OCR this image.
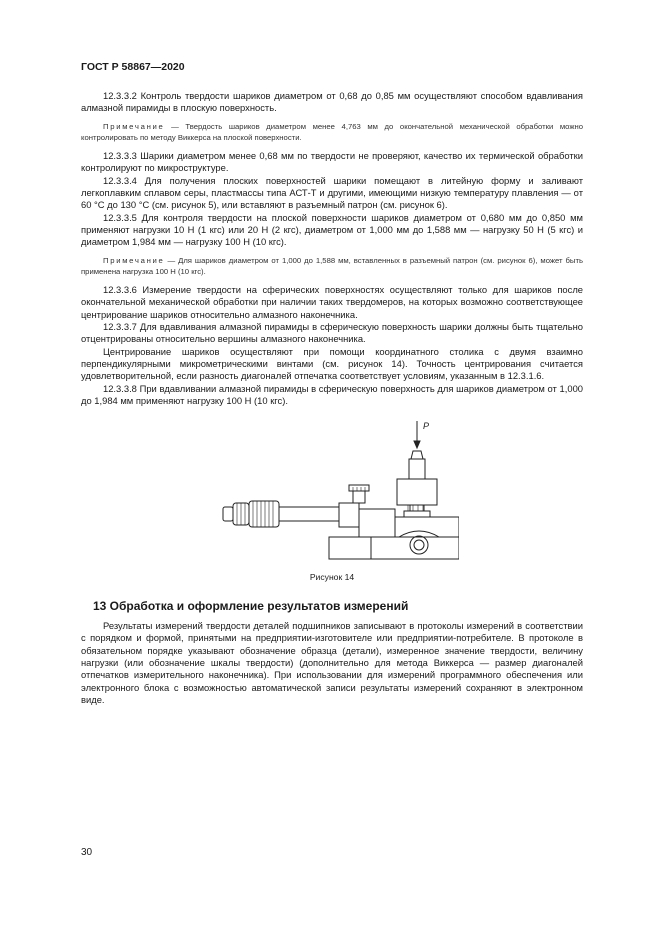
ГОСТ Р 58867—2020

12.3.3.2 Контроль твердости шариков диаметром от 0,68 до 0,85 мм осуществляют способом вдавливания алмазной пирамиды в плоскую поверхность.

Примечание — Твердость шариков диаметром менее 4,763 мм до окончательной механической обработки можно контролировать по методу Виккерса на плоской поверхности.

12.3.3.3 Шарики диаметром менее 0,68 мм по твердости не проверяют, качество их термической обработки контролируют по микроструктуре.

12.3.3.4 Для получения плоских поверхностей шарики помещают в литейную форму и заливают легкоплавким сплавом серы, пластмассы типа АСТ-Т и другими, имеющими низкую температуру плавления — от 60 °С до 130 °С (см. рисунок 5), или вставляют в разъемный патрон (см. рисунок 6).

12.3.3.5 Для контроля твердости на плоской поверхности шариков диаметром от 0,680 мм до 0,850 мм применяют нагрузки 10 Н (1 кгс) или 20 Н (2 кгс), диаметром от 1,000 мм до 1,588 мм — нагрузку 50 Н (5 кгс) и диаметром 1,984 мм — нагрузку 100 Н (10 кгс).

Примечание — Для шариков диаметром от 1,000 до 1,588 мм, вставленных в разъемный патрон (см. рисунок 6), может быть применена нагрузка 100 Н (10 кгс).

12.3.3.6 Измерение твердости на сферических поверхностях осуществляют только для шариков после окончательной механической обработки при наличии таких твердомеров, на которых возможно соответствующее центрирование шариков относительно алмазного наконечника.

12.3.3.7 Для вдавливания алмазной пирамиды в сферическую поверхность шарики должны быть тщательно отцентрированы относительно вершины алмазного наконечника.

Центрирование шариков осуществляют при помощи координатного столика с двумя взаимно перпендикулярными микрометрическими винтами (см. рисунок 14). Точность центрирования считается удовлетворительной, если разность диагоналей отпечатка соответствует условиям, указанным в 12.3.1.6.

12.3.3.8 При вдавливании алмазной пирамиды в сферическую поверхность для шариков диаметром от 1,000 до 1,984 мм применяют нагрузку 100 Н (10 кгс).

P
Рисунок 14
13 Обработка и оформление результатов измерений

Результаты измерений твердости деталей подшипников записывают в протоколы измерений в соответствии с порядком и формой, принятыми на предприятии-изготовителе или предприятии-потребителе. В протоколе в обязательном порядке указывают обозначение образца (детали), измеренное значение твердости, величину нагрузки (или обозначение шкалы твердости) (дополнительно для метода Виккерса — размер диагоналей отпечатков измерительного наконечника). При использовании для измерений программного обеспечения или электронного блока с возможностью автоматической записи результаты измерений сохраняют в электронном виде.

30
